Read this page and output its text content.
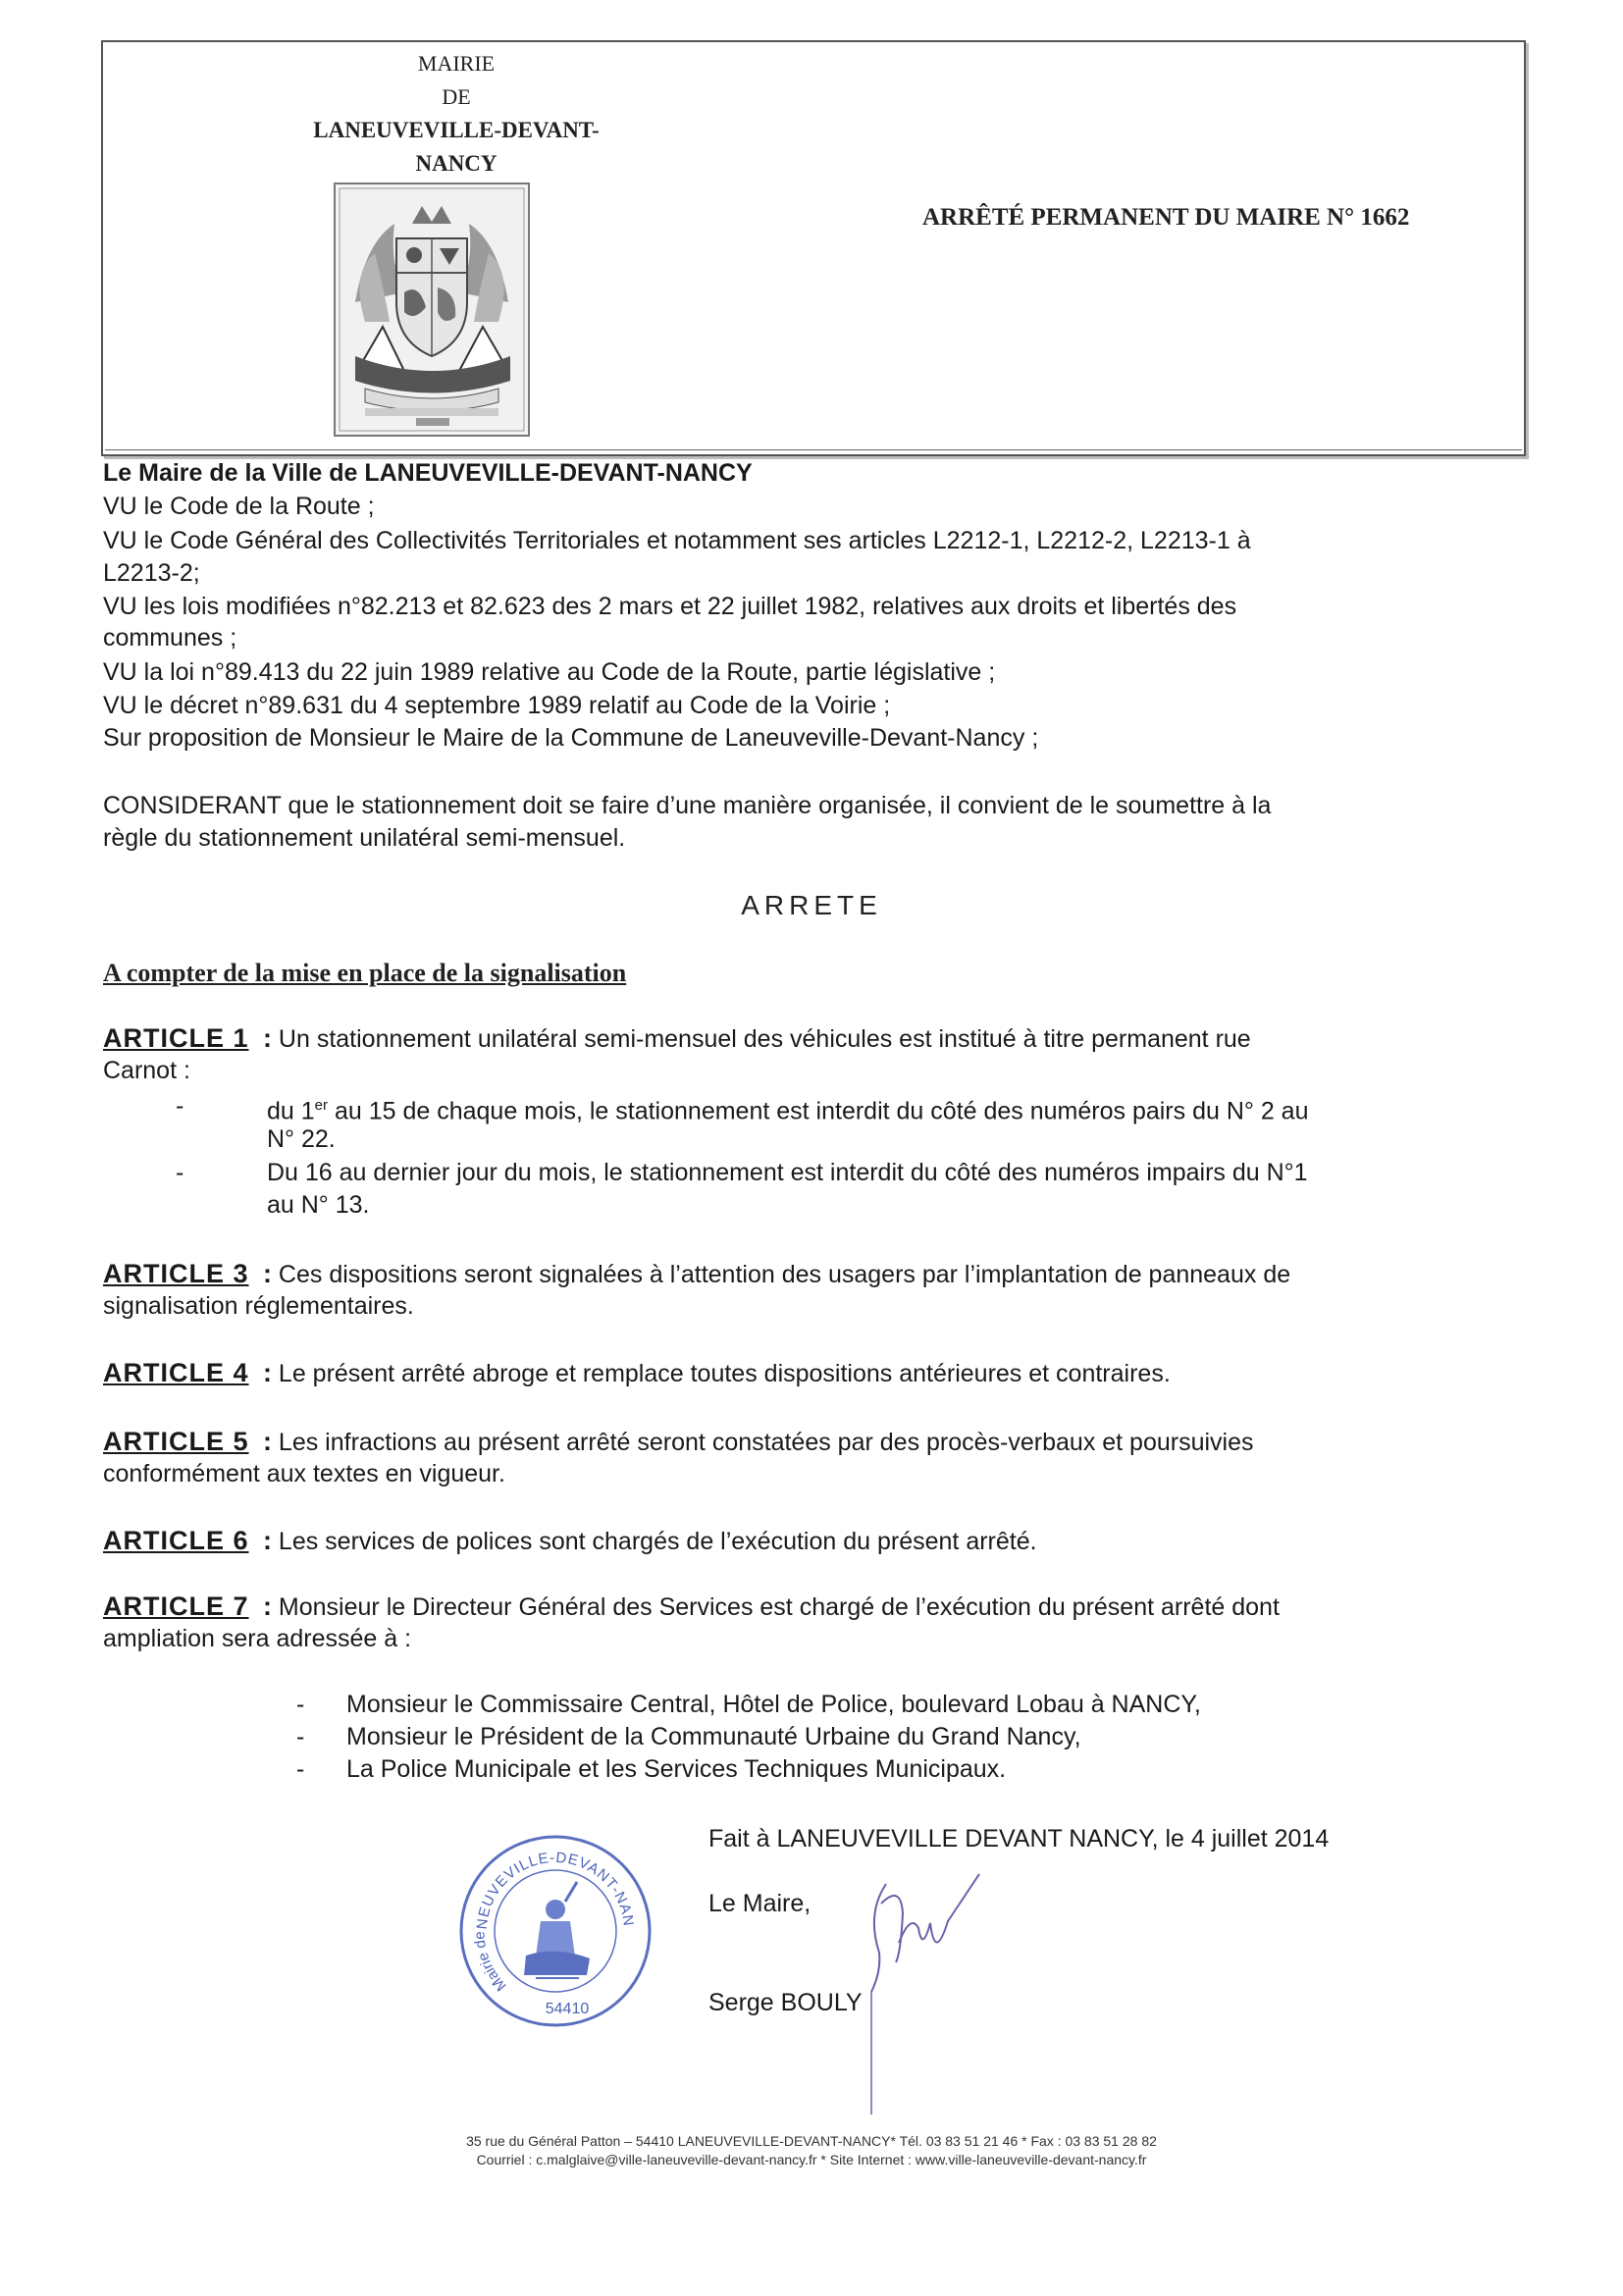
MAIRIE
DE
LANEUVEVILLE-DEVANT-NANCY
ARRÊTÉ PERMANENT DU MAIRE N° 1662
Le Maire de la Ville de LANEUVEVILLE-DEVANT-NANCY
VU le Code de la Route ;
VU le Code Général des Collectivités Territoriales et notamment ses articles L2212-1, L2212-2, L2213-1 à
L2213-2;
VU les lois modifiées n°82.213 et 82.623 des 2 mars et 22 juillet 1982, relatives aux droits et libertés des
communes ;
VU la loi n°89.413 du 22 juin 1989 relative au Code de la Route, partie législative ;
VU le décret n°89.631 du 4 septembre 1989 relatif au Code de la Voirie ;
Sur proposition de Monsieur le Maire de la Commune de Laneuveville-Devant-Nancy ;
CONSIDERANT que le stationnement doit se faire d’une manière organisée, il convient de le soumettre à la
règle du stationnement unilatéral semi-mensuel.
ARRETE
A compter de la mise en place de la signalisation
ARTICLE 1  : Un stationnement unilatéral semi-mensuel des véhicules est institué à titre permanent rue
Carnot :
-	du 1er au 15 de chaque mois, le stationnement est interdit du côté des numéros pairs du N° 2 au
N° 22.
-	Du 16 au dernier jour du mois, le stationnement est interdit du côté des numéros impairs du N°1
au N° 13.
ARTICLE 3  : Ces dispositions seront signalées à l’attention des usagers par l’implantation de panneaux de
signalisation réglementaires.
ARTICLE 4  : Le présent arrêté abroge et remplace toutes dispositions antérieures et contraires.
ARTICLE 5  : Les infractions au présent arrêté seront constatées par des procès-verbaux et poursuivies
conformément aux textes en vigueur.
ARTICLE 6  : Les services de polices sont chargés de l’exécution du présent arrêté.
ARTICLE 7  : Monsieur le Directeur Général des Services est chargé de l’exécution du présent arrêté dont
ampliation sera adressée à :
- Monsieur le Commissaire Central, Hôtel de Police, boulevard Lobau à NANCY,
- Monsieur le Président de la Communauté Urbaine du Grand Nancy,
- La Police Municipale et les Services Techniques Municipaux.
Fait à LANEUVEVILLE DEVANT NANCY, le 4 juillet 2014
Le Maire,
Serge BOULY
NEUVEVILLE-DEVANT-NAN
Mairie de
54410
35 rue du Général Patton – 54410 LANEUVEVILLE-DEVANT-NANCY* Tél. 03 83 51 21 46 * Fax : 03 83 51 28 82
Courriel : c.malglaive@ville-laneuveville-devant-nancy.fr * Site Internet : www.ville-laneuveville-devant-nancy.fr
